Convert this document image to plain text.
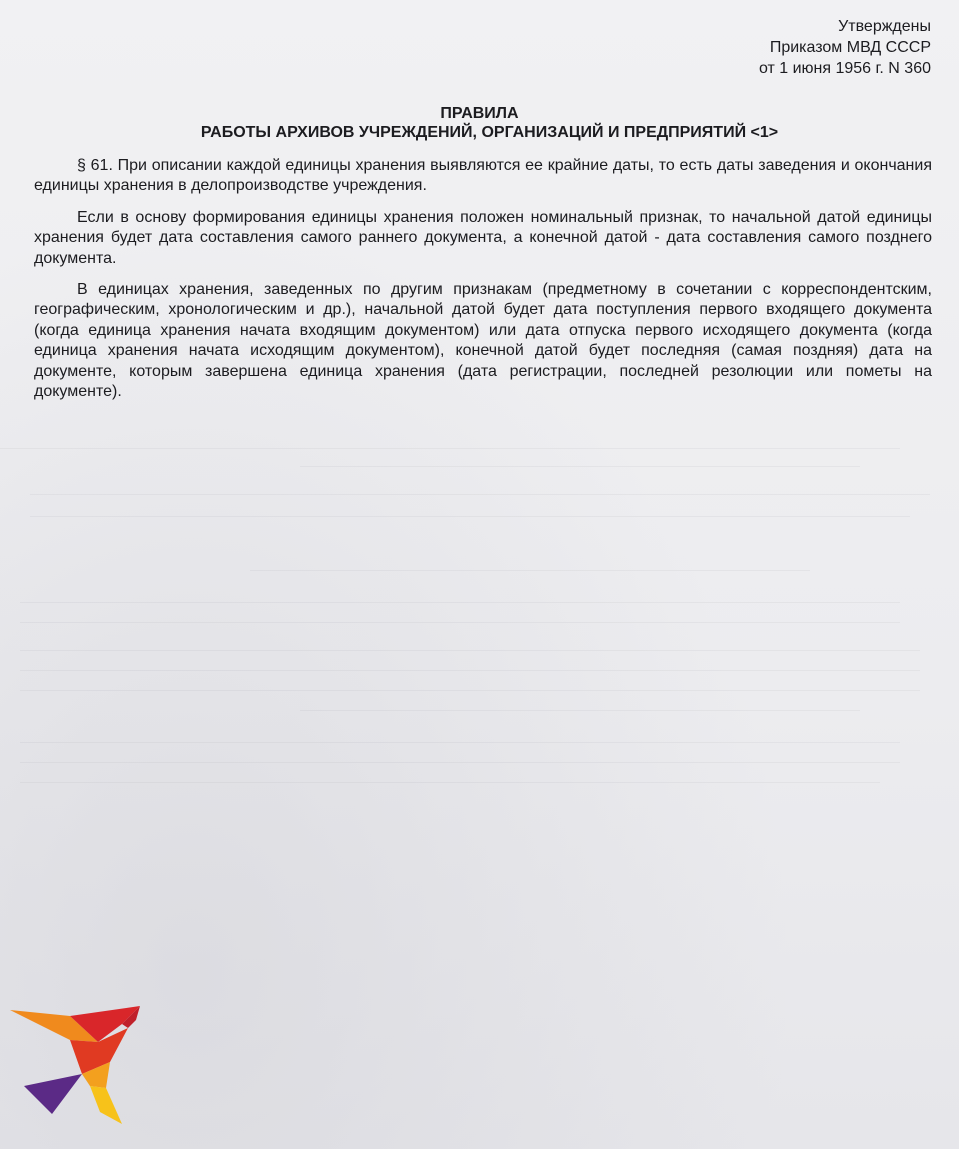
Утверждены
Приказом МВД СССР
от 1 июня 1956 г. N 360
ПРАВИЛА
РАБОТЫ АРХИВОВ УЧРЕЖДЕНИЙ, ОРГАНИЗАЦИЙ И ПРЕДПРИЯТИЙ <1>

§ 61. При описании каждой единицы хранения выявляются ее крайние даты, то есть даты заведения и окончания единицы хранения в делопроизводстве учреждения.

Если в основу формирования единицы хранения положен номинальный признак, то начальной датой единицы хранения будет дата составления самого раннего документа, а конечной датой - дата составления самого позднего документа.

В единицах хранения, заведенных по другим признакам (предметному в сочетании с корреспондентским, географическим, хронологическим и др.), начальной датой будет дата поступления первого входящего документа (когда единица хранения начата входящим документом) или дата отпуска первого исходящего документа (когда единица хранения начата исходящим документом), конечной датой будет последняя (самая поздняя) дата на документе, которым завершена единица хранения (дата регистрации, последней резолюции или пометы на документе).
